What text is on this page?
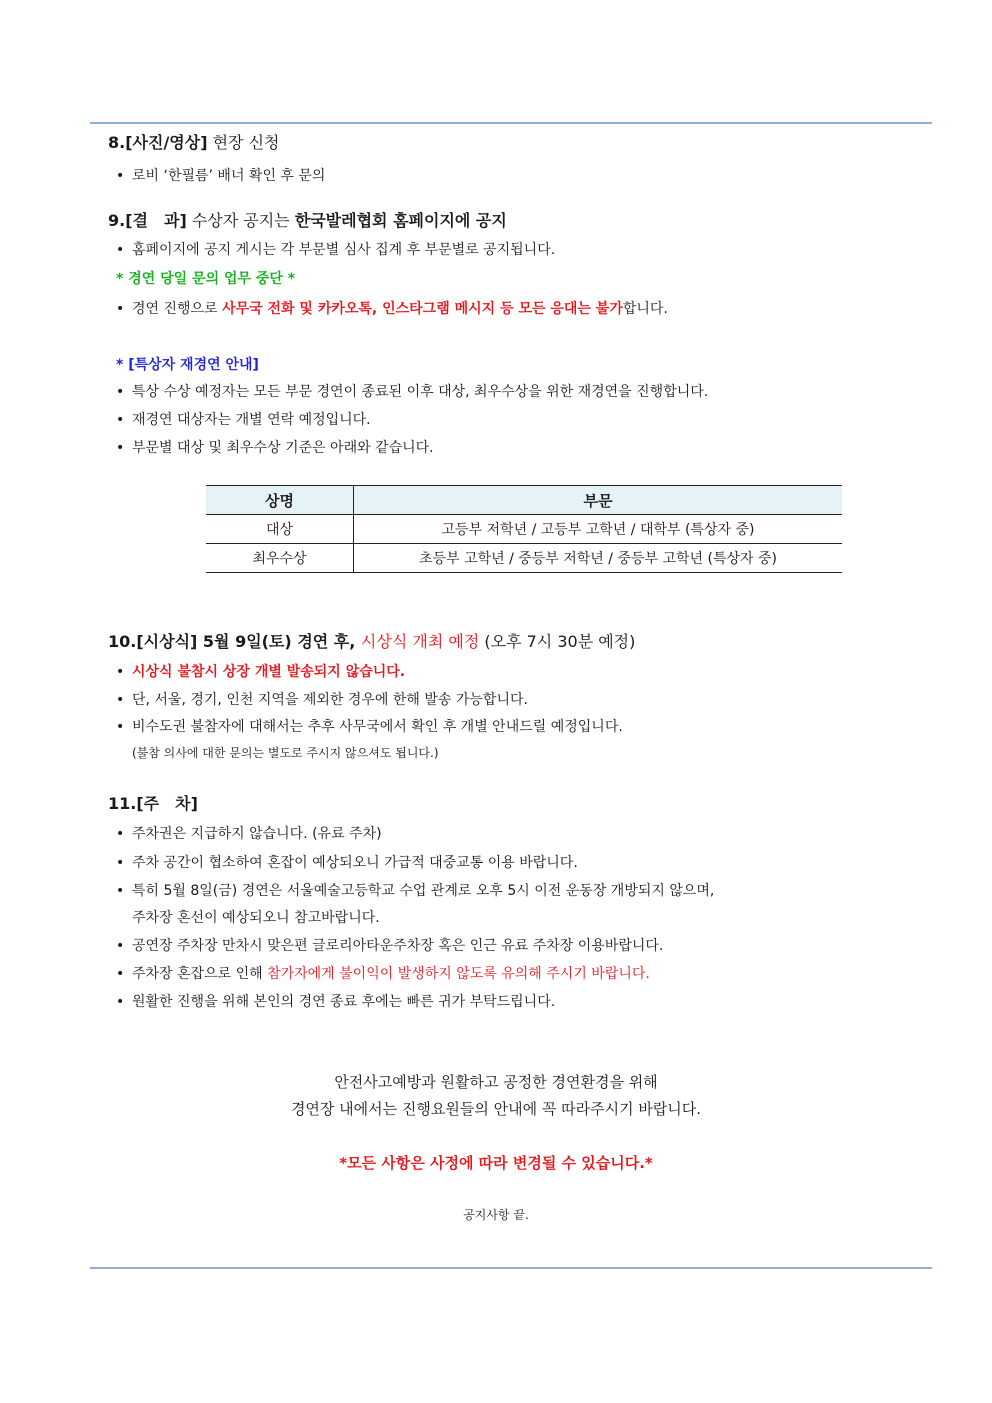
8.[사진/영상] 현장 신청
• 로비 ‘한필름’ 배너 확인 후 문의
9.[결　과] 수상자 공지는 한국발레협회 홈페이지에 공지
• 홈페이지에 공지 게시는 각 부문별 심사 집계 후 부문별로 공지됩니다.
* 경연 당일 문의 업무 중단 *
• 경연 진행으로 사무국 전화 및 카카오톡, 인스타그램 메시지 등 모든 응대는 불가합니다.
* [특상자 재경연 안내]
• 특상 수상 예정자는 모든 부문 경연이 종료된 이후 대상, 최우수상을 위한 재경연을 진행합니다.
• 재경연 대상자는 개별 연락 예정입니다.
• 부문별 대상 및 최우수상 기준은 아래와 같습니다.
상명	부문
대상	고등부 저학년 / 고등부 고학년 / 대학부 (특상자 중)
최우수상	초등부 고학년 / 중등부 저학년 / 중등부 고학년 (특상자 중)
10.[시상식] 5월 9일(토) 경연 후, 시상식 개최 예정 (오후 7시 30분 예정)
• 시상식 불참시 상장 개별 발송되지 않습니다.
• 단, 서울, 경기, 인천 지역을 제외한 경우에 한해 발송 가능합니다.
• 비수도권 불참자에 대해서는 추후 사무국에서 확인 후 개별 안내드릴 예정입니다.
(불참 의사에 대한 문의는 별도로 주시지 않으셔도 됩니다.)
11.[주　차]
• 주차권은 지급하지 않습니다. (유료 주차)
• 주차 공간이 협소하여 혼잡이 예상되오니 가급적 대중교통 이용 바랍니다.
• 특히 5월 8일(금) 경연은 서울예술고등학교 수업 관계로 오후 5시 이전 운동장 개방되지 않으며,
주차장 혼선이 예상되오니 참고바랍니다.
• 공연장 주차장 만차시 맞은편 글로리아타운주차장 혹은 인근 유료 주차장 이용바랍니다.
• 주차장 혼잡으로 인해 참가자에게 불이익이 발생하지 않도록 유의해 주시기 바랍니다.
• 원활한 진행을 위해 본인의 경연 종료 후에는 빠른 귀가 부탁드립니다.
안전사고예방과 원활하고 공정한 경연환경을 위해
경연장 내에서는 진행요원들의 안내에 꼭 따라주시기 바랍니다.
*모든 사항은 사정에 따라 변경될 수 있습니다.*
공지사항 끝.
